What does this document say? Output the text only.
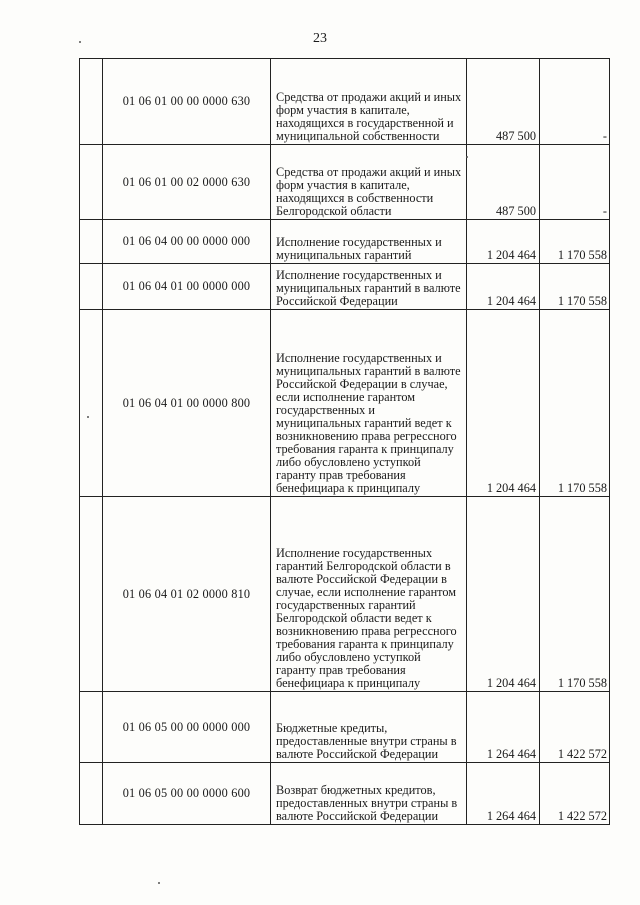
23
	01 06 01 00 00 0000 630	Средства от продажи акций и иных форм участия в капитале, находящихся в государственной и муниципальной собственности	487 500	-
	01 06 01 00 02 0000 630	Средства от продажи акций и иных форм участия в капитале, находящихся в собственности Белгородской области	487 500	-
	01 06 04 00 00 0000 000	Исполнение государственных и муниципальных гарантий	1 204 464	1 170 558
	01 06 04 01 00 0000 000	Исполнение государственных и муниципальных гарантий в валюте Российской Федерации	1 204 464	1 170 558
	01 06 04 01 00 0000 800	Исполнение государственных и муниципальных гарантий в валюте Российской Федерации в случае, если исполнение гарантом государственных и муниципальных гарантий ведет к возникновению права регрессного требования гаранта к принципалу либо обусловлено уступкой гаранту прав требования бенефициара к принципалу	1 204 464	1 170 558
	01 06 04 01 02 0000 810	Исполнение государственных гарантий Белгородской области в валюте Российской Федерации в случае, если исполнение гарантом государственных гарантий Белгородской области ведет к возникновению права регрессного требования гаранта к принципалу либо обусловлено уступкой гаранту прав требования бенефициара к принципалу	1 204 464	1 170 558
	01 06 05 00 00 0000 000	Бюджетные кредиты, предоставленные внутри страны в валюте Российской Федерации	1 264 464	1 422 572
	01 06 05 00 00 0000 600	Возврат бюджетных кредитов, предоставленных внутри страны в валюте Российской Федерации	1 264 464	1 422 572
